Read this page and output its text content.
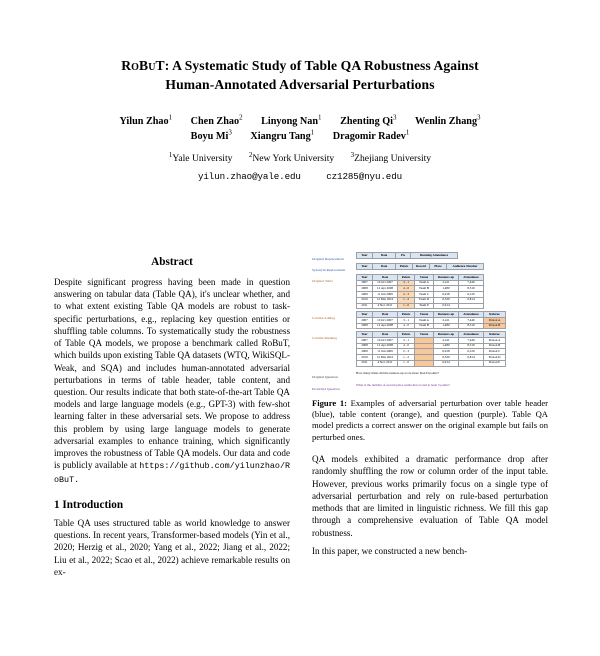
RoBuT: A Systematic Study of Table QA Robustness Against
Human-Annotated Adversarial Perturbations
Yilun Zhao$^1$ Chen Zhao$^2$ Linyong Nan$^1$ Zhenting Qi$^3$ Wenlin Zhang$^3$
Boyu Mi$^3$ Xiangru Tang$^1$ Dragomir Radev$^1$
$^1$Yale University $^2$New York University $^3$Zhejiang University
yilun.zhao@yale.edu	cz1285@nyu.edu
Abstract

Despite significant progress having been made in question answering on tabular data (Table QA), it's unclear whether, and to what extent existing Table QA models are robust to task-specific perturbations, e.g., replacing key question entities or shuffling table columns. To systematically study the robustness of Table QA models, we propose a benchmark called RoBuT, which builds upon existing Table QA datasets (WTQ, WikiSQL-Weak, and SQA) and includes human-annotated adversarial perturbations in terms of table header, table content, and question. Our results indicate that both state-of-the-art Table QA models and large language models (e.g., GPT-3) with few-shot learning falter in these adversarial sets. We propose to address this problem by using large language models to generate adversarial examples to enhance training, which significantly improves the robustness of Table QA models. Our data and code is publicly available at https://github.com/yilunzhao/RoBuT.

1 Introduction

Table QA uses structured table as world knowledge to answer questions. In recent years, Transformer-based models (Yin et al., 2020; Herzig et al., 2020; Yang et al., 2022; Jiang et al., 2022; Liu et al., 2022; Scao et al., 2022) achieve remarkable results on ex-

Original Replacement
Year	Date	Pts	Running Attendance
Synonym Replacement
Year	Date	Points	Record	Place	Audience Number
Original Table
Year	Date	Points	Venue	Runners-up	Attendance
2007	10 Oct 2007	3 - 1	Team A	2,411	7,440
2008	12 Apr 2008	4 - 0	Team B	1,480	8,519
2009	11 Jun 2009	2 - 3	Team C	6,918	6,120
2010	12 Mar 2010	1 - 2	Team D	6,520	6,814
2011	4 Nov 2011	1 - 0	Team E	6,914	
Column Adding
Year	Date	Points	Venue	Runners-up	Attendance	Referee
2007	10 Oct 2007	3 - 1	Team A	2,411	7,440	Person A
2008	12 Apr 2008	4 - 0	Team B	1,480	8,519	Person B
Column Masking
Year	Date	Points	Venue	Runners-up	Attendance	Referee
2007	10 Oct 2007	3 - 1		2,411	7,440	Person A
2008	12 Apr 2008	4 - 0		1,480	8,519	Person B
2009	11 Jun 2009	2 - 3		6,918	6,120	Person C
2010	12 Mar 2010	1 - 2		6,520	6,814	Person D
2011	4 Nov 2011	1 - 0		6,914		Person E
Original Question
How many times did the runners-up score more than D points?
Perturbed Question
What is the number of second place teams that scored at least 3 points?
Figure 1: Examples of adversarial perturbation over table header (blue), table content (orange), and question (purple). Table QA model predicts a correct answer on the original example but fails on perturbed ones.

QA models exhibited a dramatic performance drop after randomly shuffling the row or column order of the input table. However, previous works primarily focus on a single type of adversarial perturbation and rely on rule-based perturbation methods that are limited in linguistic richness. We fill this gap through a comprehensive evaluation of Table QA model robustness.

In this paper, we constructed a new bench-
